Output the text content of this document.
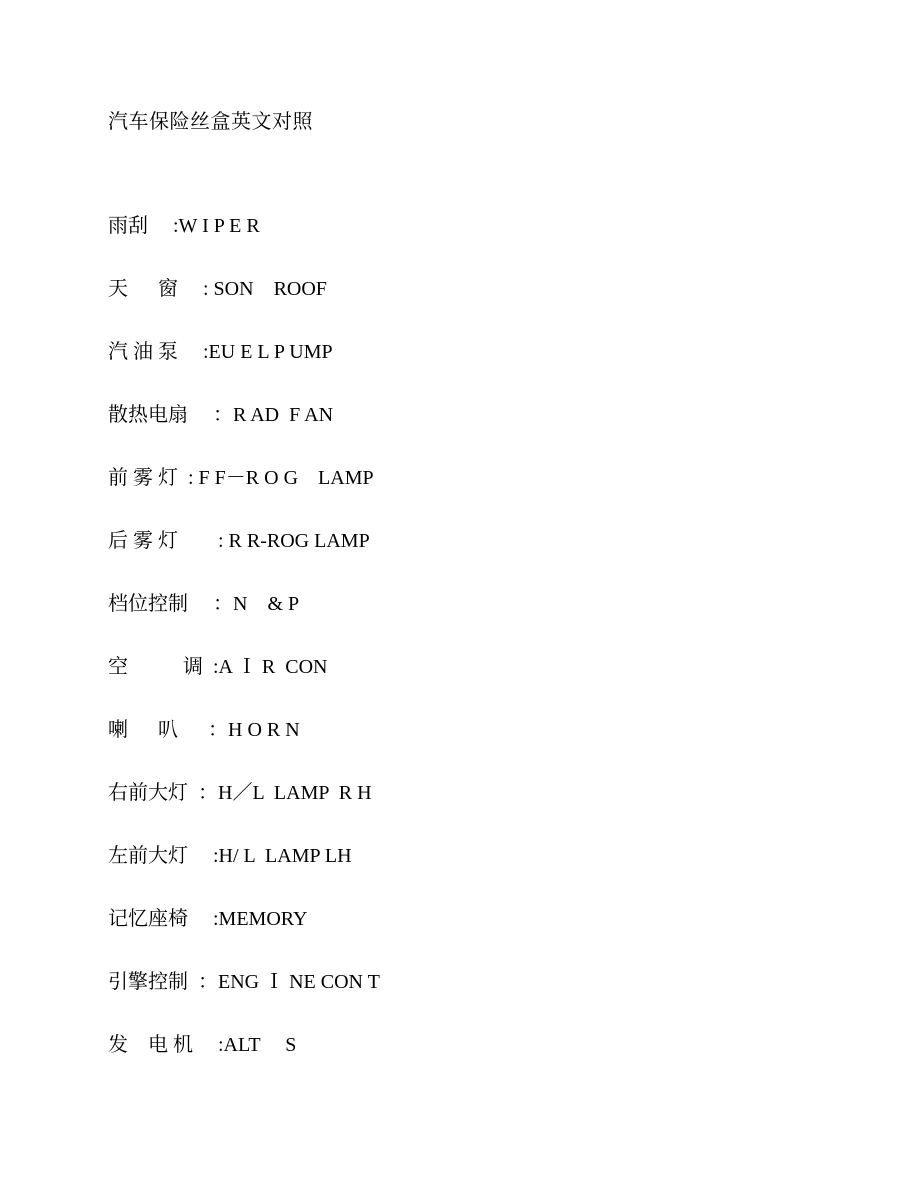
汽车保险丝盒英文对照
雨刮     :W I P E R
天      窗     : SON    ROOF
汽 油 泵     :EU E L P UMP
散热电扇     ：R AD  F AN
前 雾 灯  : F F－R O G    LAMP
后 雾 灯        : R R-ROG LAMP
档位控制     ：N    & P
空           调  :A Ｉ R  CON
喇      叭      ：H O R N
右前大灯  ：H／L  LAMP  R H
左前大灯     :H/ L  LAMP LH
记忆座椅     :MEMORY
引擎控制  ：ENG Ｉ NE CON T
发    电 机     :ALT     S
